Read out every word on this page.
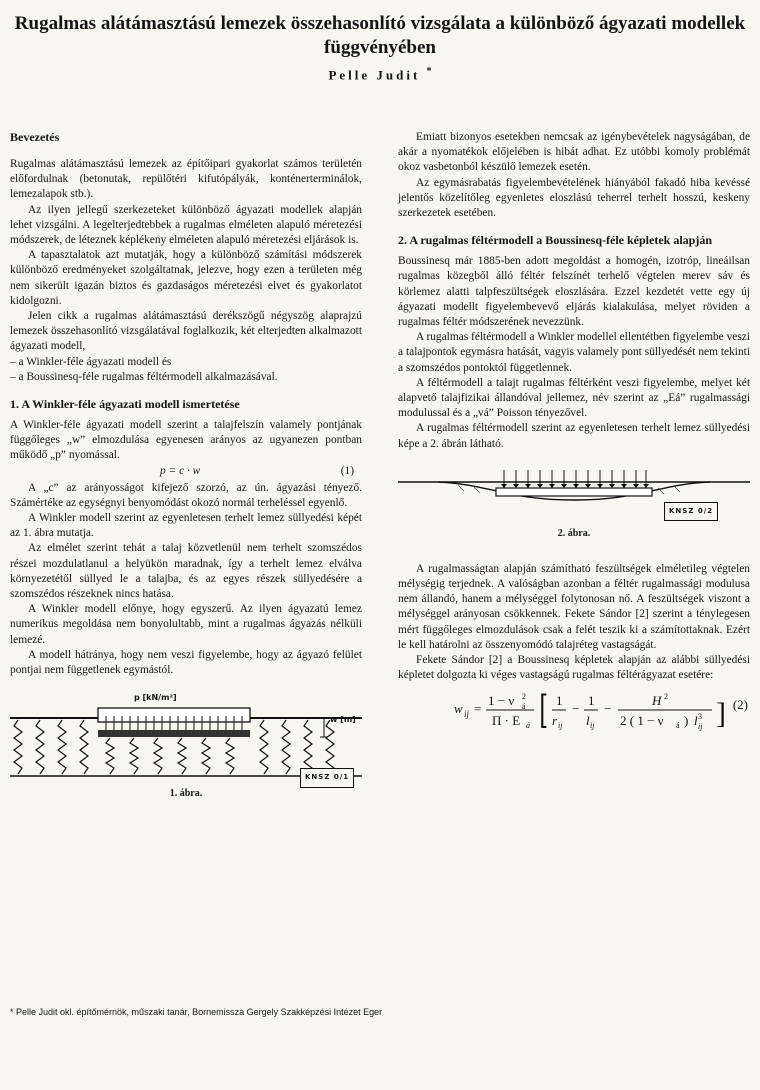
Rugalmas alátámasztású lemezek összehasonlító vizsgálata a különböző ágyazati modellek függvényében
Pelle Judit *
Bevezetés

Rugalmas alátámasztású lemezek az építőipari gyakorlat számos területén előfordulnak (betonutak, repülőtéri kifutópályák, konténerterminálok, lemezalapok stb.).

Az ilyen jellegű szerkezeteket különböző ágyazati modellek alapján lehet vizsgálni. A legelterjedtebbek a rugalmas elméleten alapuló méretezési módszerek, de léteznek képlékeny elméleten alapuló méretezési eljárások is.

A tapasztalatok azt mutatják, hogy a különböző számítási módszerek különböző eredményeket szolgáltatnak, jelezve, hogy ezen a területen még nem sikerült igazán biztos és gazdaságos méretezési elvet és gyakorlatot kidolgozni.

Jelen cikk a rugalmas alátámasztású derékszögű négyszög alaprajzú lemezek összehasonlító vizsgálatával foglalkozik, két elterjedten alkalmazott ágyazati modell,

– a Winkler-féle ágyazati modell és

– a Boussinesq-féle rugalmas féltérmodell alkalmazásával.

1. A Winkler-féle ágyazati modell ismertetése

A Winkler-féle ágyazati modell szerint a talajfelszín valamely pontjának függőleges „w” elmozdulása egyenesen arányos az ugyanezen pontban működő „p” nyomással.

p = c · w	(1)

A „c” az arányosságot kifejező szorzó, az ún. ágyazási tényező. Számértéke az egységnyi benyomódást okozó normál terheléssel egyenlő.

A Winkler modell szerint az egyenletesen terhelt lemez süllyedési képét az 1. ábra mutatja.

Az elmélet szerint tehát a talaj közvetlenül nem terhelt szomszédos részei mozdulatlanul a helyükön maradnak, így a terhelt lemez elválva környezetétől süllyed le a talajba, és az egyes részek süllyedésére a szomszédos részeknek nincs hatása.

A Winkler modell előnye, hogy egyszerű. Az ilyen ágyazatú lemez numerikus megoldása nem bonyolultabb, mint a rugalmas ágyazás nélküli lemezé.

A modell hátránya, hogy nem veszi figyelembe, hogy az ágyazó felület pontjai nem függetlenek egymástól.

p [kN/m²]
w [m]
KNSZ 0/1
1. ábra.

Emiatt bizonyos esetekben nemcsak az igénybevételek nagyságában, de akár a nyomatékok előjelében is hibát adhat. Ez utóbbi komoly problémát okoz vasbetonból készülő lemezek esetén.

Az egymásrabatás figyelembevételének hiányából fakadó hiba kevéssé jelentős közelítőleg egyenletes eloszlású teherrel terhelt hosszú, keskeny szerkezetek esetében.

2. A rugalmas féltérmodell a Boussinesq-féle képletek alapján

Boussinesq már 1885-ben adott megoldást a homogén, izotróp, lineáilsan rugalmas közegből álló féltér felszínét terhelő végtelen merev sáv és körlemez alatti talpfeszültségek eloszlására. Ezzel kezdetét vette egy új ágyazati modellt figyelembevevő eljárás kialakulása, melyet röviden a rugalmas féltér módszerének nevezzünk.

A rugalmas féltérmodell a Winkler modellel ellentétben figyelembe veszi a talajpontok egymásra hatását, vagyis valamely pont süllyedését nem tekinti a szomszédos pontoktól függetlennek.

A féltérmodell a talajt rugalmas féltérként veszi figyelembe, melyet két alapvető talajfizikai állandóval jellemez, név szerint az „Eá” rugalmassági modulussal és a „vá” Poisson tényezővel.

A rugalmas féltérmodell szerint az egyenletesen terhelt lemez süllyedési képe a 2. ábrán látható.

KNSZ 0/2
2. ábra.

A rugalmasságtan alapján számítható feszültségek elméletileg végtelen mélységig terjednek. A valóságban azonban a féltér rugalmassági modulusa nem állandó, hanem a mélységgel folytonosan nő. A feszültségek viszont a mélységgel arányosan csökkennek. Fekete Sándor [2] szerint a ténylegesen mért függőleges elmozdulások csak a felét teszik ki a számítottaknak. Ezért le kell határolni az összenyomódó talajréteg vastagságát.

Fekete Sándor [2] a Boussinesq képletek alapján az alábbi süllyedési képletet dolgozta ki véges vastagságú rugalmas féltérágyazat esetére:

w ij =
1 − ν 2
á
Π · E á [ 1
r ij
−
1
l ij
−
H 2
2 ( 1 − ν á ) l 3
ij ] (2)
* Pelle Judit okl. építőmérnök, műszaki tanár, Bornemissza Gergely Szakképzési Intézet Eger
